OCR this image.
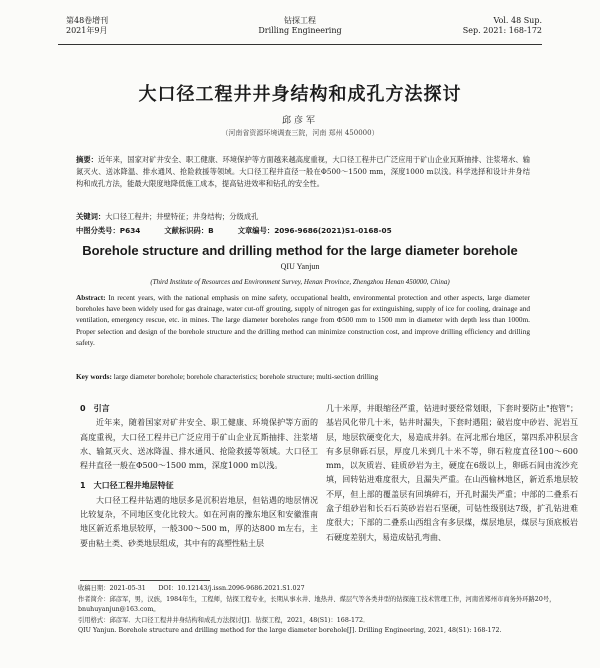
第48卷增刊
2021年9月
钻探工程
Drilling Engineering
Vol. 48 Sup.
Sep. 2021: 168-172
大口径工程井井身结构和成孔方法探讨
邱彦军
（河南省资源环境调查三院，河南 郑州 450000）
摘要：近年来，国家对矿井安全、职工健康、环境保护等方面越来越高度重视，大口径工程井已广泛应用于矿山企业瓦斯抽排、注浆堵水、输氮灭火、送冰降温、排水通风、抢险救援等领域。大口径工程井直径一般在Φ500～1500 mm，深度1000 m以浅。科学选择和设计井身结构和成孔方法，能最大限度地降低施工成本，提高钻进效率和钻孔的安全性。
关键词：大口径工程井；井壁特征；井身结构；分级成孔
中图分类号：P634	文献标识码：B	文章编号：2096-9686(2021)S1-0168-05
Borehole structure and drilling method for the large diameter borehole
QIU Yanjun
(Third Institute of Resources and Environment Survey, Henan Province, Zhengzhou Henan 450000, China)
Abstract: In recent years, with the national emphasis on mine safety, occupational health, environmental protection and other aspects, large diameter boreholes have been widely used for gas drainage, water cut-off grouting, supply of nitrogen gas for extinguishing, supply of ice for cooling, drainage and ventilation, emergency rescue, etc. in mines. The large diameter boreholes range from Φ500 mm to 1500 mm in diameter with depth less than 1000m. Proper selection and design of the borehole structure and the drilling method can minimize construction cost, and improve drilling efficiency and drilling safety.
Key words: large diameter borehole; borehole characteristics; borehole structure; multi-section drilling

0　引言

近年来，随着国家对矿井安全、职工健康、环境保护等方面的高度重视，大口径工程井已广泛应用于矿山企业瓦斯抽排、注浆堵水、输氮灭火、送冰降温、排水通风、抢险救援等领域。大口径工程井直径一般在Φ500～1500 mm，深度1000 m以浅。

1　大口径工程井地层特征

大口径工程井钻遇的地层多是沉积岩地层，但钻遇的地层情况比较复杂，不同地区变化比较大。如在河南的豫东地区和安徽淮南地区新近系地层较厚，一般300～500 m，厚的达800 m左右，主要由粘土类、砂类地层组成，其中有的高塑性粘土层

几十米厚，井眼缩径严重，钻进时要经常划眼，下套时要防止"抱管"；基岩风化带几十米，钻井时漏失，下套时遇阻；破岩度中砂岩、泥岩互层，地层软硬变化大，易造成井斜。在河北邢台地区，第四系冲积层含有多层卵砾石层，厚度几米到几十米不等，卵石粒度直径100～600 mm，以灰质岩、硅质砂岩为主，硬度在6级以上，卵砾石间由流沙充填，回转钻进难度很大，且漏失严重。在山西榆林地区，新近系地层较不厚，但上部的覆盖层有回填碎石，开孔时漏失严重；中部的二叠系石盒子组砂岩和长石石英砂岩岩石坚硬，可钻性级别达7级，扩孔钻进难度很大；下部的二叠系山西组含有多层煤，煤层地层，煤层与顶底板岩石硬度差别大，易造成钻孔弯曲、

收稿日期：2021-05-31　　DOI：10.12143/j.issn.2096-9686.2021.S1.027
作者简介：邱彦军，男，汉族，1984年生，工程师，钻探工程专业，长期从事水井、地热井、煤层气等各类井型的钻探施工技术管理工作，河南省郑州市商务外环路20号，bnuhuyanjun@163.com。
引用格式：邱彦军．大口径工程井井身结构和成孔方法探讨[J]．钻探工程，2021，48(S1)：168-172．
QIU Yanjun. Borehole structure and drilling method for the large diameter borehole[J]. Drilling Engineering, 2021, 48(S1): 168-172.
